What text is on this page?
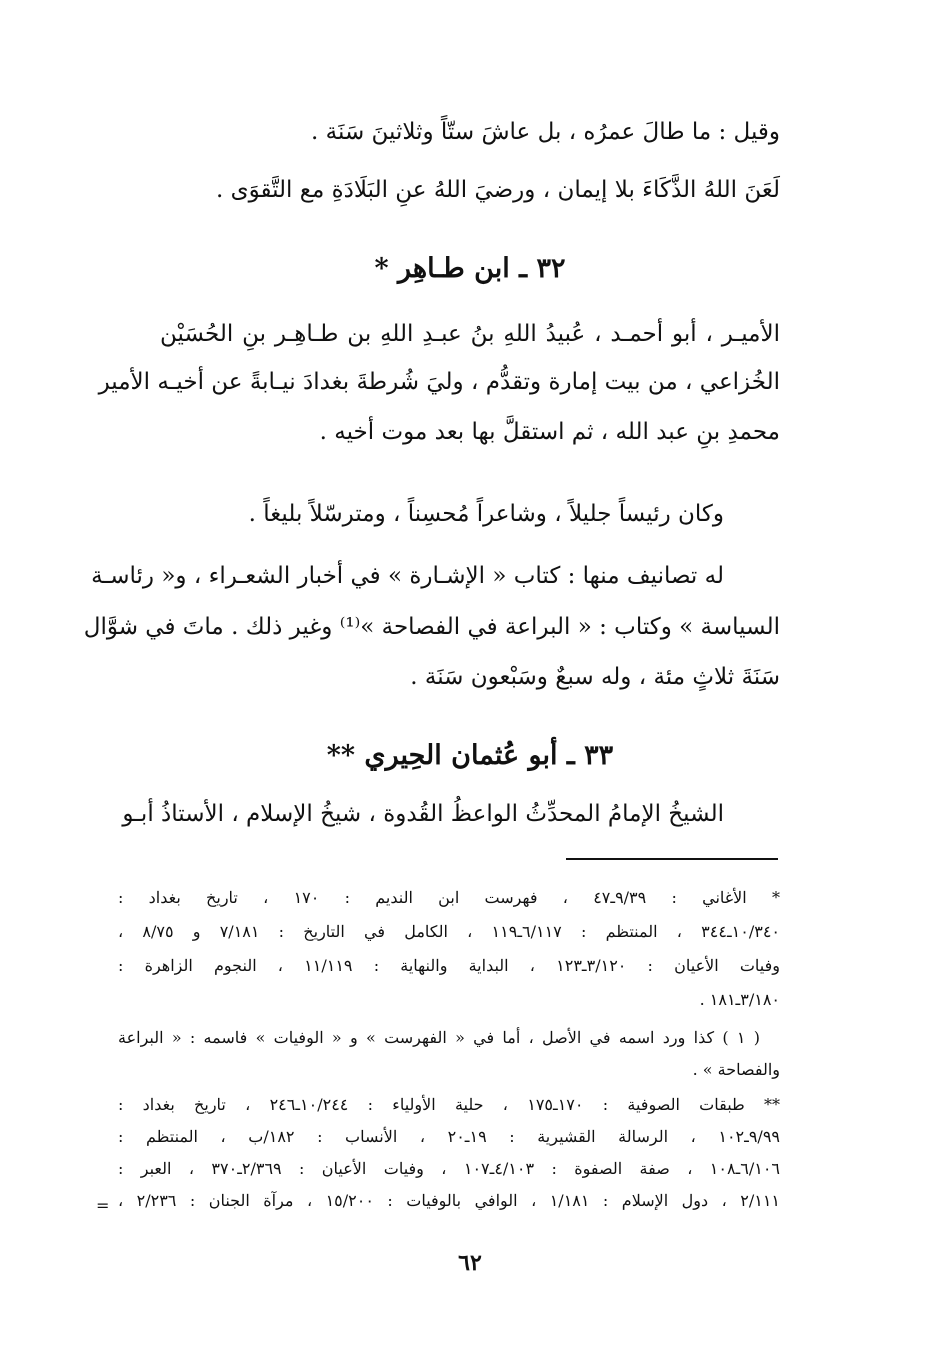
وقيل : ما طالَ عمرُه ، بل عاشَ ستّاً وثلاثينَ سَنَة .

لَعَنَ اللهُ الذَّكَاءَ بلا إيمان ، ورضيَ اللهُ عنِ البَلَادَةِ مع التَّقوَى .

٣٢ ـ ابن طـاهِر *

الأميـر ، أبو أحمـد ، عُبيدُ اللهِ بنُ عبـدِ اللهِ بن طـاهِـر بنِ الحُسَيْن

الخُزاعي ، من بيت إمارة وتقدُّم ، وليَ شُرطةَ بغدادَ نيـابةً عن أخيـه الأمير

محمدِ بنِ عبد الله ، ثم استقلَّ بها بعد موت أخيه .

وكان رئيساً جليلاً ، وشاعراً مُحسِناً ، ومترسّلاً بليغاً .

له تصانيف منها : كتاب « الإشـارة » في أخبار الشعـراء ، و« رئاسـة

السياسة » وكتاب : « البراعة في الفصاحة »⁽¹⁾ وغير ذلك . ماتَ في شوَّال

سَنَةَ ثلاثٍ مئة ، وله سبعٌ وسَبْعون سَنَة .

٣٣ ـ أبو عُثمان الحِيري **

الشيخُ الإمامُ المحدِّثُ الواعظُ القُدوة ، شيخُ الإسلام ، الأستاذُ أبـو

* الأغاني : ٩/٣٩ـ٤٧ ، فهرست ابن النديم : ١٧٠ ، تاريخ بغداد :

١٠/٣٤٠ـ٣٤٤ ، المنتظم : ٦/١١٧ـ١١٩ ، الكامل في التاريخ : ٧/١٨١ و ٨/٧٥ ،

وفيات الأعيان : ٣/١٢٠ـ١٢٣ ، البداية والنهاية : ١١/١١٩ ، النجوم الزاهرة :

٣/١٨٠ـ١٨١ .

( ١ ) كذا ورد اسمه في الأصل ، أما في « الفهرست » و « الوفيات » فاسمه : « البراعة

والفصاحة » .

** طبقات الصوفية : ١٧٠ـ١٧٥ ، حلية الأولياء : ١٠/٢٤٤ـ٢٤٦ ، تاريخ بغداد :

٩/٩٩ـ١٠٢ ، الرسالة القشيرية : ١٩ـ٢٠ ، الأنساب : ١٨٢/ب ، المنتظم :

٦/١٠٦ـ١٠٨ ، صفة الصفوة : ٤/١٠٣ـ١٠٧ ، وفيات الأعيان : ٢/٣٦٩ـ٣٧٠ ، العبر :

٢/١١١ ، دول الإسلام : ١/١٨١ ، الوافي بالوفيات : ١٥/٢٠٠ ، مرآة الجنان : ٢/٢٣٦ ،

=
٦٢
